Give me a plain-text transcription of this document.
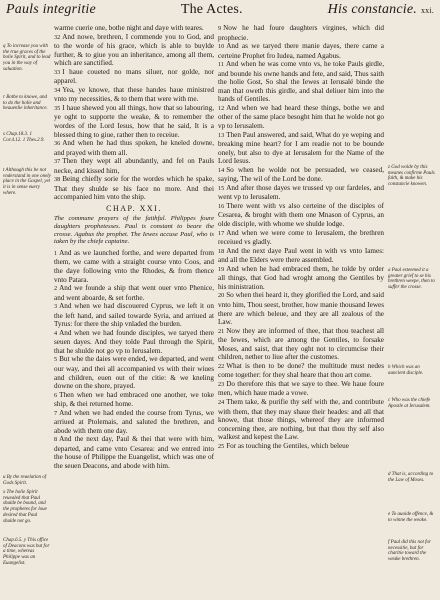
Pauls integritie	The Actes.	His constancie. xxi.
q To increase you with the true graces of the holie Spirit, and to lead you in the way of saluation.
r Bothe to knowe, and to do the holie and heauenlie inheritance.
s Chap.18.3. 1 Cor.4.12. 1 Thes.2.9.
t Although this be not vnderstand in one onely place in the Gospel, yet it is in sense euery where.
u By the reuelation of Gods Spirit.
x The holie Spirit reuealed that Paul shulde be bound, and the prophetes for loue desired that Paul shulde not go.
Chap.6.5. y This office of Deacons was but for a time, whereas Philippe was an Euangelist.

warme cuerie one, bothe night and daye with teares.

32 And nowe, brethren, I commende you to God, and to the worde of his grace, which is able to buylde further, & to giue you an inheritance, among all them, which are sanctified.

33 I haue coueted no mans siluer, nor golde, nor apparel.

34 Yea, ye knowe, that these handes haue ministred vnto my necessities, & to them that were with me.

35 I haue shewed you all things, how that so labouring, ye oght to supporte the weake, & to remember the wordes of the Lord Iesus, how that he said, It is a blessed thing to giue, rather then to receiue.

36 And when he had thus spoken, he kneled downe, and prayed with them all.

37 Then they wept all abundantly, and fel on Pauls necke, and kissed him,

38 Being chiefly sorie for the wordes which he spake, That they shulde se his face no more. And thei accompanied him vnto the ship.

CHAP. XXI.
The commune prayers of the faithful. Philippes foure daughters prophetesses. Paul is constant to beare the crosse. Agabus the prophet. The Iewes accuse Paul, who is taken by the chiefe captaine.

1 And as we launched forthe, and were departed from them, we came with a straight course vnto Coos, and the daye following vnto the Rhodes, & from thence vnto Patara.

2 And we founde a ship that went ouer vnto Phenice, and went aboarde, & set forthe.

3 And when we had discouered Cyprus, we left it on the left hand, and sailed towarde Syria, and arriued at Tyrus: for there the ship vnladed the burden.

4 And when we had founde disciples, we taryed there seuen dayes. And they tolde Paul through the Spirit, that he shulde not go vp to Ierusalem.

5 But whe the daies were ended, we departed, and went our way, and thei all accompanied vs with their wiues and children, euen out of the citie: & we kneling downe on the shore, prayed.

6 Then when we had embraced one another, we toke ship, & thei returned home.

7 And when we had ended the course from Tyrus, we arriued at Ptolemais, and saluted the brethren, and abode with them one day.

8 And the next day, Paul & thei that were with him, departed, and came vnto Cesarea: and we entred into the house of Philippe the Euangelist, which was one of the seuen Deacons, and abode with him.

9 Now he had foure daughters virgines, which did prophecie.

10 And as we taryed there manie dayes, there came a certeine Prophet fro Iudea, named Agabus.

11 And when he was come vnto vs, he toke Pauls girdle, and bounde his owne hands and fete, and said, Thus saith the holie Gost, So shal the Iewes at Ierusalé binde the man that oweth this girdle, and shal deliuer him into the hands of Gentiles.

12 And when we had heard these things, bothe we and other of the same place besoght him that he wolde not go vp to Ierusalem.

13 Then Paul answered, and said, What do ye weping and breaking mine heart? for I am readie not to be bounde onely, but also to dye at Ierusalem for the Name of the Lord Iesus.

14 So when he wolde not be persuaded, we ceased, saying, The wil of the Lord be done.

15 And after those dayes we trussed vp our fardeles, and went vp to Ierusalem.

16 There went with vs also certeine of the disciples of Cesarea, & broght with them one Mnason of Cyprus, an olde disciple, with whome we shulde lodge.

17 And when we were come to Ierusalem, the brethren receiued vs gladly.

18 And the next daye Paul went in with vs vnto Iames: and all the Elders were there assembled.

19 And when he had embraced them, he tolde by order all things, that God had wroght among the Gentiles by his ministration.

20 So when thei heard it, they glorified the Lord, and said vnto him, Thou seest, brother, how manie thousand Iewes there are which beleue, and they are all zealous of the Law.

21 Now they are informed of thee, that thou teachest all the Iewes, which are among the Gentiles, to forsake Moses, and saist, that they oght not to circumcise their children, nether to liue after the customes.

22 What is then to be done? the multitude must nedes come together: for they shal heare that thou art come.

23 Do therefore this that we saye to thee. We haue foure men, which haue made a vowe.

24 Them take, & purifie thy self with the, and contribute with them, that they may shaue their heades: and all that knowe, that those things, whereof they are informed concerning thee, are nothing, but that thou thy self also walkest and kepest the Law.

25 For as touching the Gentiles, which beleue

z God wolde by this meanes confirme Pauls faith, & make his constancie knowen.
a Paul esteemed it a greater grief to se his brethren weepe, then to suffer the crosse.
b Which was an auncient disciple.
c Who was the chiefe Apostle at Ierusalem.
d That is, according to the Law of Moses.
e To auoide offence, & to winne the weake.
f Paul did this not for necessitie, but for charitie toward the weake brethren.
